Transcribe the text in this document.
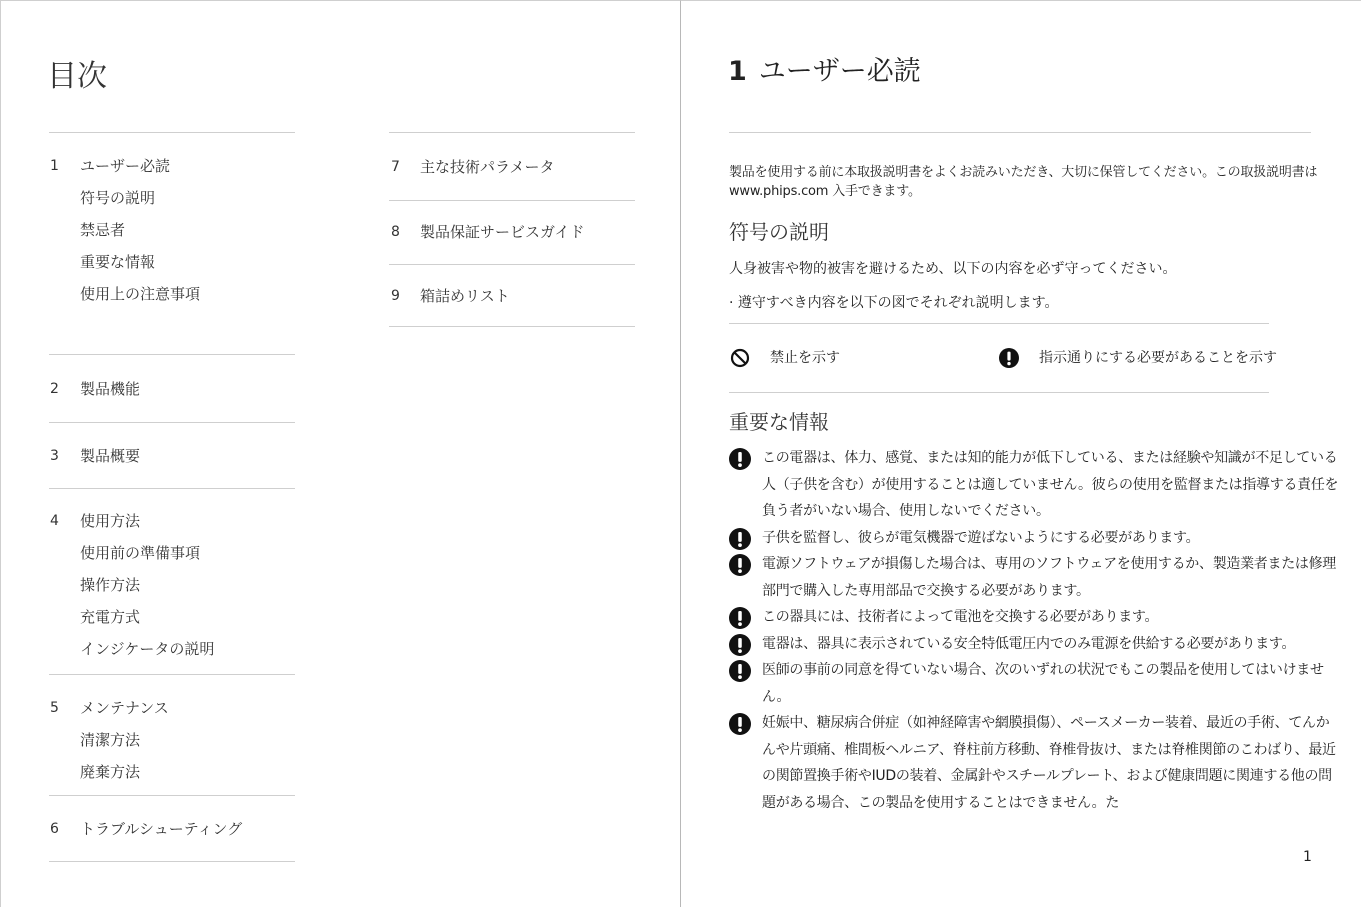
目次
1	ユーザー必読
符号の説明
禁忌者
重要な情報
使用上の注意事項
2	製品機能
3	製品概要
4	使用方法
使用前の準備事項
操作方法
充電方式
インジケータの説明
5	メンテナンス
清潔方法
廃棄方法
6	トラブルシューティング
7	主な技術パラメータ
8	製品保証サービスガイド
9	箱詰めリスト
1 ユーザー必読

製品を使用する前に本取扱説明書をよくお読みいただき、大切に保管してください。この取扱説明書はwww.phips.com 入手できます。

符号の説明
人身被害や物的被害を避けるため、以下の内容を必ず守ってください。
· 遵守すべき内容を以下の図でそれぞれ説明します。
禁止を示す	指示通りにする必要があることを示す
重要な情報
この電器は、体力、感覚、または知的能力が低下している、または経験や知識が不足している人（子供を含む）が使用することは適していません。彼らの使用を監督または指導する責任を負う者がいない場合、使用しないでください。
子供を監督し、彼らが電気機器で遊ばないようにする必要があります。
電源ソフトウェアが損傷した場合は、専用のソフトウェアを使用するか、製造業者または修理部門で購入した専用部品で交換する必要があります。
この器具には、技術者によって電池を交換する必要があります。
電器は、器具に表示されている安全特低電圧内でのみ電源を供給する必要があります。
医師の事前の同意を得ていない場合、次のいずれの状況でもこの製品を使用してはいけません。
妊娠中、糖尿病合併症（如神経障害や網膜損傷）、ペースメーカー装着、最近の手術、てんかんや片頭痛、椎間板ヘルニア、脊柱前方移動、脊椎骨抜け、または脊椎関節のこわばり、最近の関節置換手術やIUDの装着、金属針やスチールプレート、および健康問題に関連する他の問題がある場合、この製品を使用することはできません。た
1
